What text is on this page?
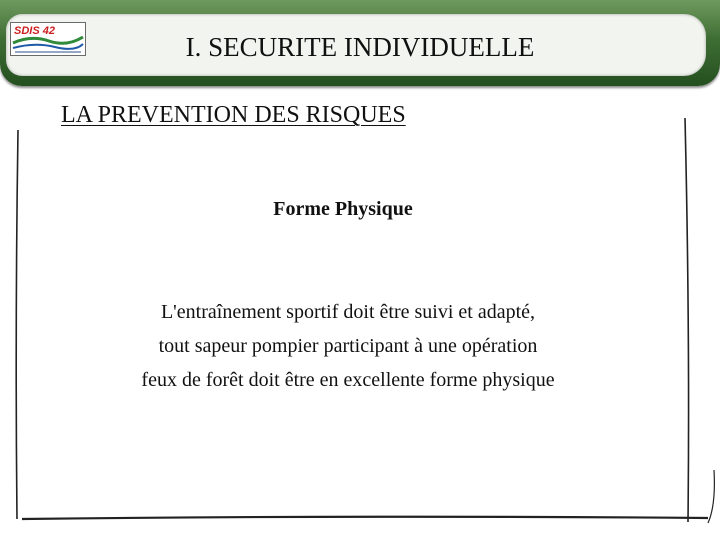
SDIS 42
I. SECURITE INDIVIDUELLE
LA PREVENTION DES RISQUES
Forme Physique
L'entraînement sportif doit être suivi et adapté,
tout sapeur pompier participant à une opération
feux de forêt doit être en excellente forme physique
